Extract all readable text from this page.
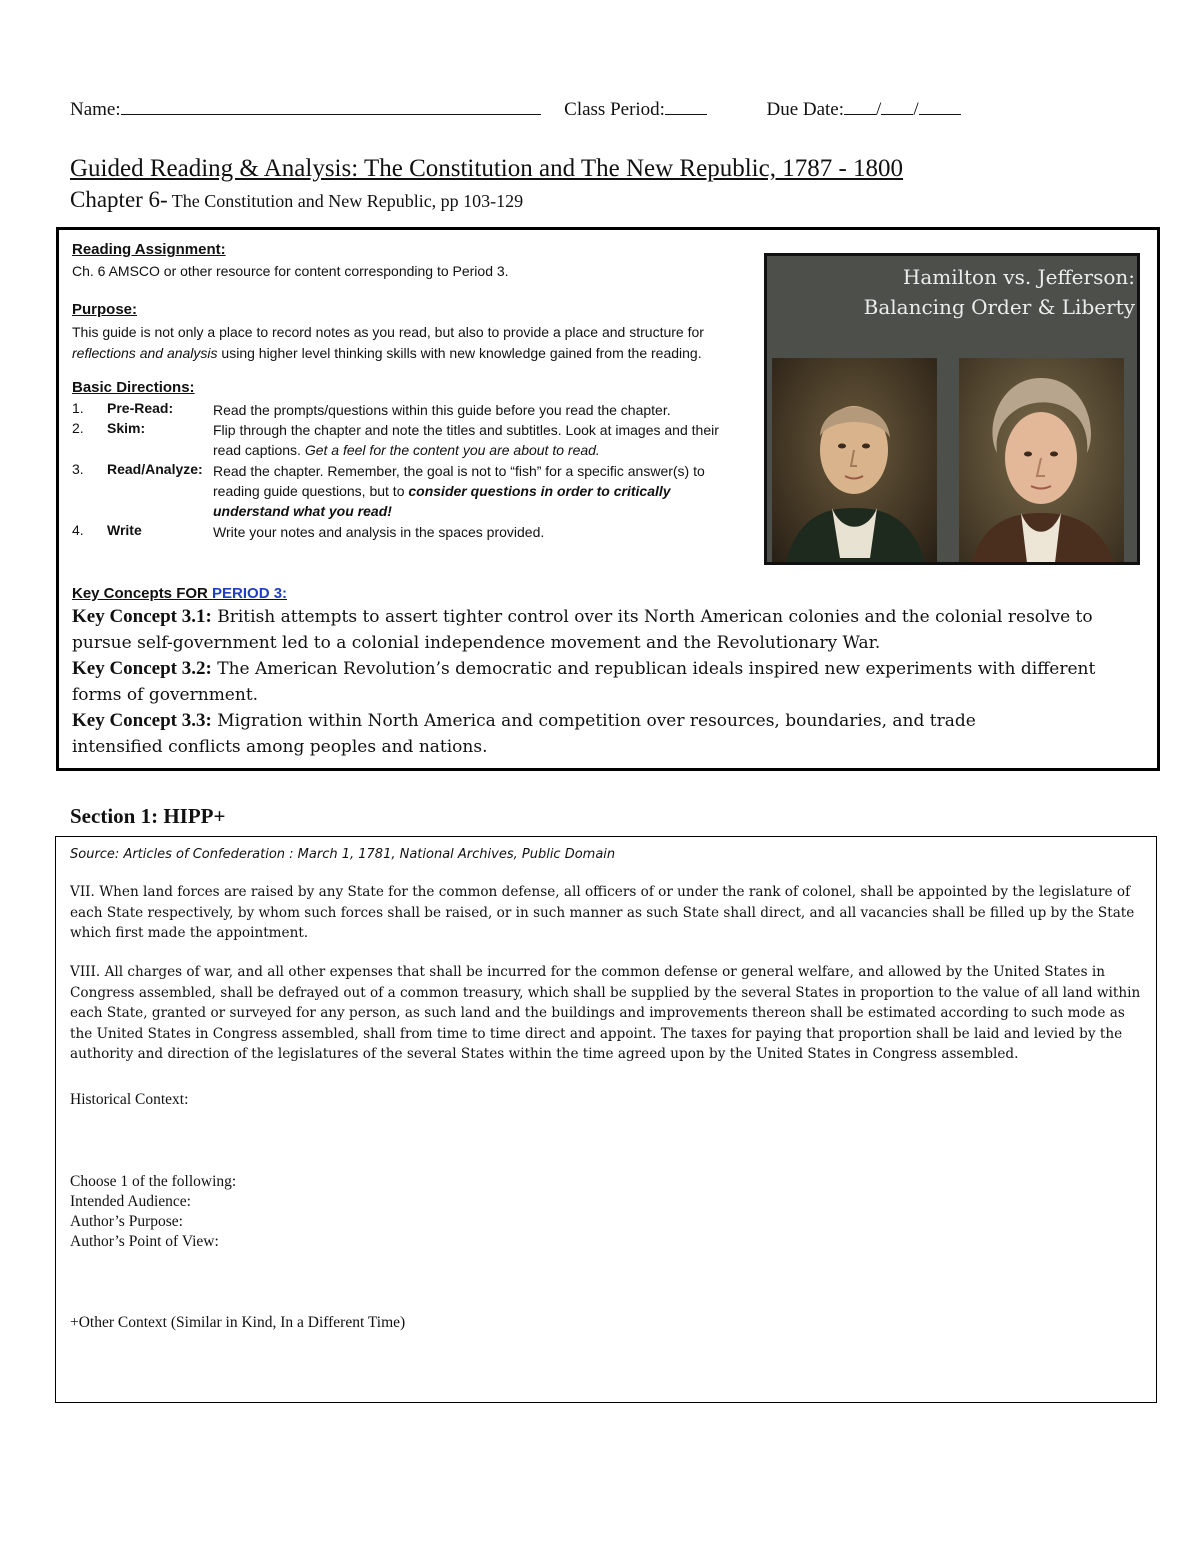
Name:	Class Period:	Due Date: / /
Guided Reading & Analysis: The Constitution and The New Republic, 1787 - 1800
Chapter 6- The Constitution and New Republic, pp 103-129
Reading Assignment:
Ch. 6 AMSCO or other resource for content corresponding to Period 3.
Purpose:
This guide is not only a place to record notes as you read, but also to provide a place and structure for
reflections and analysis using higher level thinking skills with new knowledge gained from the reading.
Basic Directions:
1.	Pre-Read:	Read the prompts/questions within this guide before you read the chapter.
2.	Skim:	Flip through the chapter and note the titles and subtitles. Look at images and their read captions. Get a feel for the content you are about to read.
3.	Read/Analyze: Read the chapter. Remember, the goal is not to “fish” for a specific answer(s) to reading guide questions, but to consider questions in order to critically understand what you read!
4.	Write	Write your notes and analysis in the spaces provided.
Hamilton vs. Jefferson:
Balancing Order & Liberty
Key Concepts FOR PERIOD 3:
Key Concept 3.1: British attempts to assert tighter control over its North American colonies and the colonial resolve to pursue self-government led to a colonial independence movement and the Revolutionary War.
Key Concept 3.2: The American Revolution’s democratic and republican ideals inspired new experiments with different forms of government.
Key Concept 3.3: Migration within North America and competition over resources, boundaries, and trade intensified conflicts among peoples and nations.
Section 1: HIPP+
Source: Articles of Confederation : March 1, 1781, National Archives, Public Domain
VII. When land forces are raised by any State for the common defense, all officers of or under the rank of colonel, shall be appointed by the legislature of each State respectively, by whom such forces shall be raised, or in such manner as such State shall direct, and all vacancies shall be filled up by the State which first made the appointment.
VIII. All charges of war, and all other expenses that shall be incurred for the common defense or general welfare, and allowed by the United States in Congress assembled, shall be defrayed out of a common treasury, which shall be supplied by the several States in proportion to the value of all land within each State, granted or surveyed for any person, as such land and the buildings and improvements thereon shall be estimated according to such mode as the United States in Congress assembled, shall from time to time direct and appoint. The taxes for paying that proportion shall be laid and levied by the authority and direction of the legislatures of the several States within the time agreed upon by the United States in Congress assembled.
Historical Context:
Choose 1 of the following:
Intended Audience:
Author’s Purpose:
Author’s Point of View:
+Other Context (Similar in Kind, In a Different Time)
